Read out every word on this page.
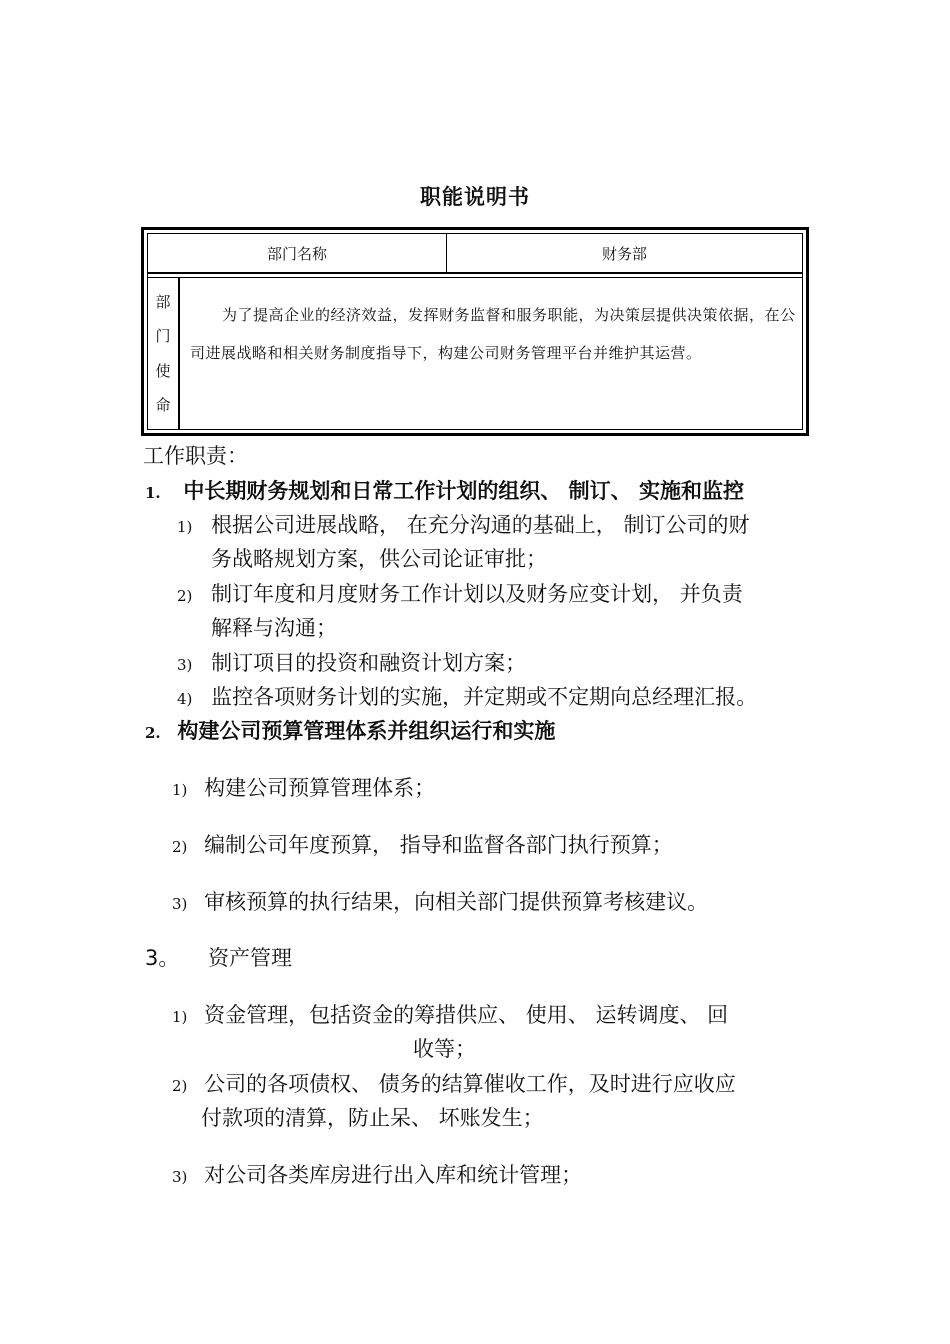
职能说明书
部门名称	财务部
部
门
使
命
为了提高企业的经济效益，发挥财务监督和服务职能，为决策层提供决策依据，在公司进展战略和相关财务制度指导下，构建公司财务管理平台并维护其运营。
工作职责：
1. 中长期财务规划和日常工作计划的组织、 制订、 实施和监控
1) 根据公司进展战略， 在充分沟通的基础上， 制订公司的财
务战略规划方案，供公司论证审批；
2) 制订年度和月度财务工作计划以及财务应变计划， 并负责
解释与沟通；
3) 制订项目的投资和融资计划方案；
4) 监控各项财务计划的实施，并定期或不定期向总经理汇报。
2. 构建公司预算管理体系并组织运行和实施
1) 构建公司预算管理体系；
2) 编制公司年度预算， 指导和监督各部门执行预算；
3) 审核预算的执行结果，向相关部门提供预算考核建议。
3。 资产管理
1) 资金管理，包括资金的筹措供应、 使用、 运转调度、 回
收等；
2) 公司的各项债权、 债务的结算催收工作，及时进行应收应
付款项的清算，防止呆、 坏账发生；
3) 对公司各类库房进行出入库和统计管理；
